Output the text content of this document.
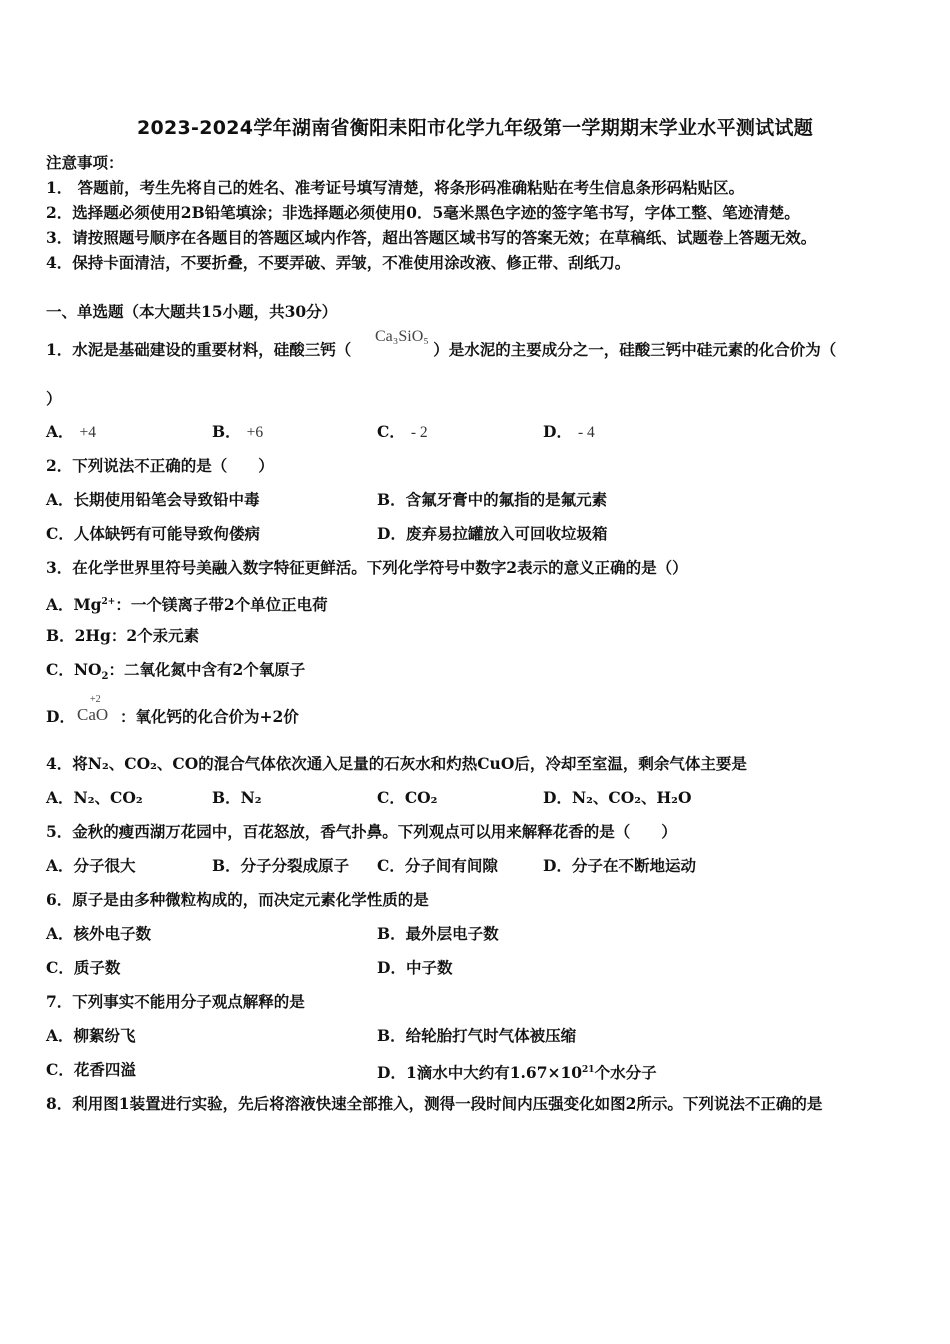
2023-2024学年湖南省衡阳耒阳市化学九年级第一学期期末学业水平测试试题
注意事项：
1． 答题前，考生先将自己的姓名、准考证号填写清楚，将条形码准确粘贴在考生信息条形码粘贴区。
2．选择题必须使用2B铅笔填涂；非选择题必须使用0．5毫米黑色字迹的签字笔书写，字体工整、笔迹清楚。
3．请按照题号顺序在各题目的答题区域内作答，超出答题区域书写的答案无效；在草稿纸、试题卷上答题无效。
4．保持卡面清洁，不要折叠，不要弄破、弄皱，不准使用涂改液、修正带、刮纸刀。
一、单选题（本大题共15小题，共30分）
1．水泥是基础建设的重要材料，硅酸三钙（	）是水泥的主要成分之一，硅酸三钙中硅元素的化合价为（
Ca₃SiO₅
）
A． +4	B． +6	C． - 2	D． - 4
2．下列说法不正确的是（　　）
A．长期使用铅笔会导致铅中毒	B．含氟牙膏中的氟指的是氟元素
C．人体缺钙有可能导致佝偻病	D．废弃易拉罐放入可回收垃圾箱
3．在化学世界里符号美融入数字特征更鲜活。下列化学符号中数字2表示的意义正确的是（）
A．$Mg^{2+}$：一个镁离子带2个单位正电荷
B．2Hg：2个汞元素
C．$NO_2$：二氧化氮中含有2个氧原子
D．
+2
CaO ：氧化钙的化合价为+2价
4．将N₂、CO₂、CO的混合气体依次通入足量的石灰水和灼热CuO后，冷却至室温，剩余气体主要是
A．N₂、CO₂	B．N₂	C．CO₂	D．N₂、CO₂、H₂O
5．金秋的瘦西湖万花园中，百花怒放，香气扑鼻。下列观点可以用来解释花香的是（　　）
A．分子很大	B．分子分裂成原子 C．分子间有间隙	D．分子在不断地运动
6．原子是由多种微粒构成的，而决定元素化学性质的是
A．核外电子数	B．最外层电子数
C．质子数	D．中子数
7．下列事实不能用分子观点解释的是
A．柳絮纷飞	B．给轮胎打气时气体被压缩
C．花香四溢	D．1滴水中大约有$1.67\times 10^{21}$个水分子
8．利用图1装置进行实验，先后将溶液快速全部推入，测得一段时间内压强变化如图2所示。下列说法不正确的是
